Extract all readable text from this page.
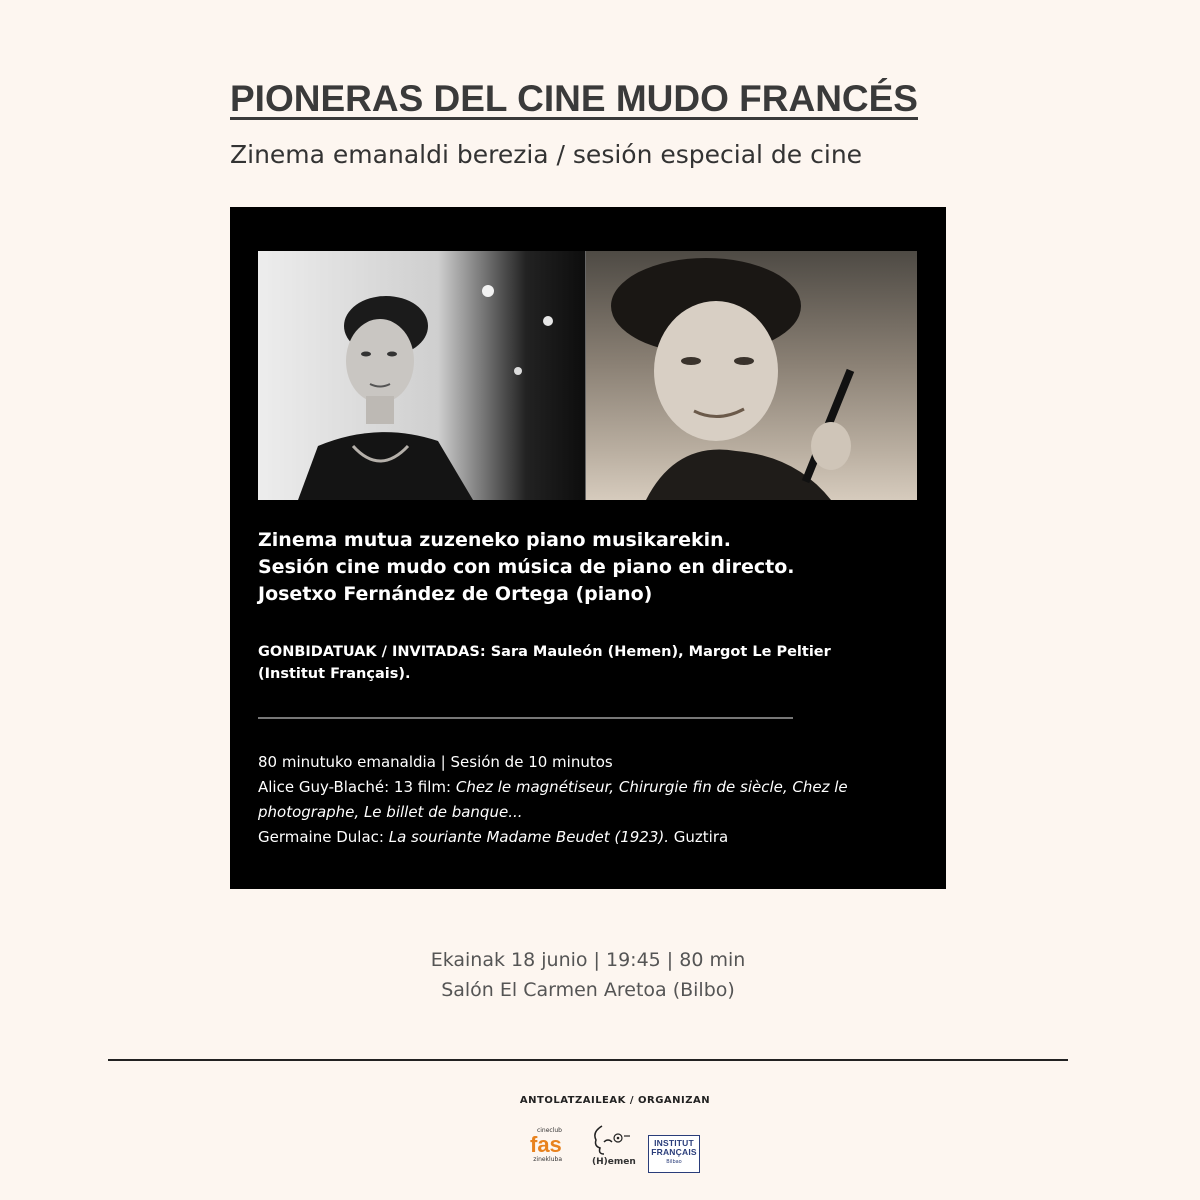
PIONERAS DEL CINE MUDO FRANCÉS

Zinema emanaldi berezia / sesión especial de cine

Zinema mutua zuzeneko piano musikarekin.
Sesión cine mudo con música de piano en directo.
Josetxo Fernández de Ortega (piano)
GONBIDATUAK / INVITADAS: Sara Mauleón (Hemen), Margot Le Peltier (Institut Français).
80 minutuko emanaldia | Sesión de 10 minutos
Alice Guy-Blaché: 13 film: Chez le magnétiseur, Chirurgie fin de siècle, Chez le photographe, Le billet de banque...
Germaine Dulac: La souriante Madame Beudet (1923). Guztira
Ekainak 18 junio | 19:45 | 80 min
Salón El Carmen Aretoa (Bilbo)
ANTOLATZAILEAK / ORGANIZAN
cineclub
fas
zinekluba	(H)emen
INSTITUT
FRANÇAIS
Bilbao
